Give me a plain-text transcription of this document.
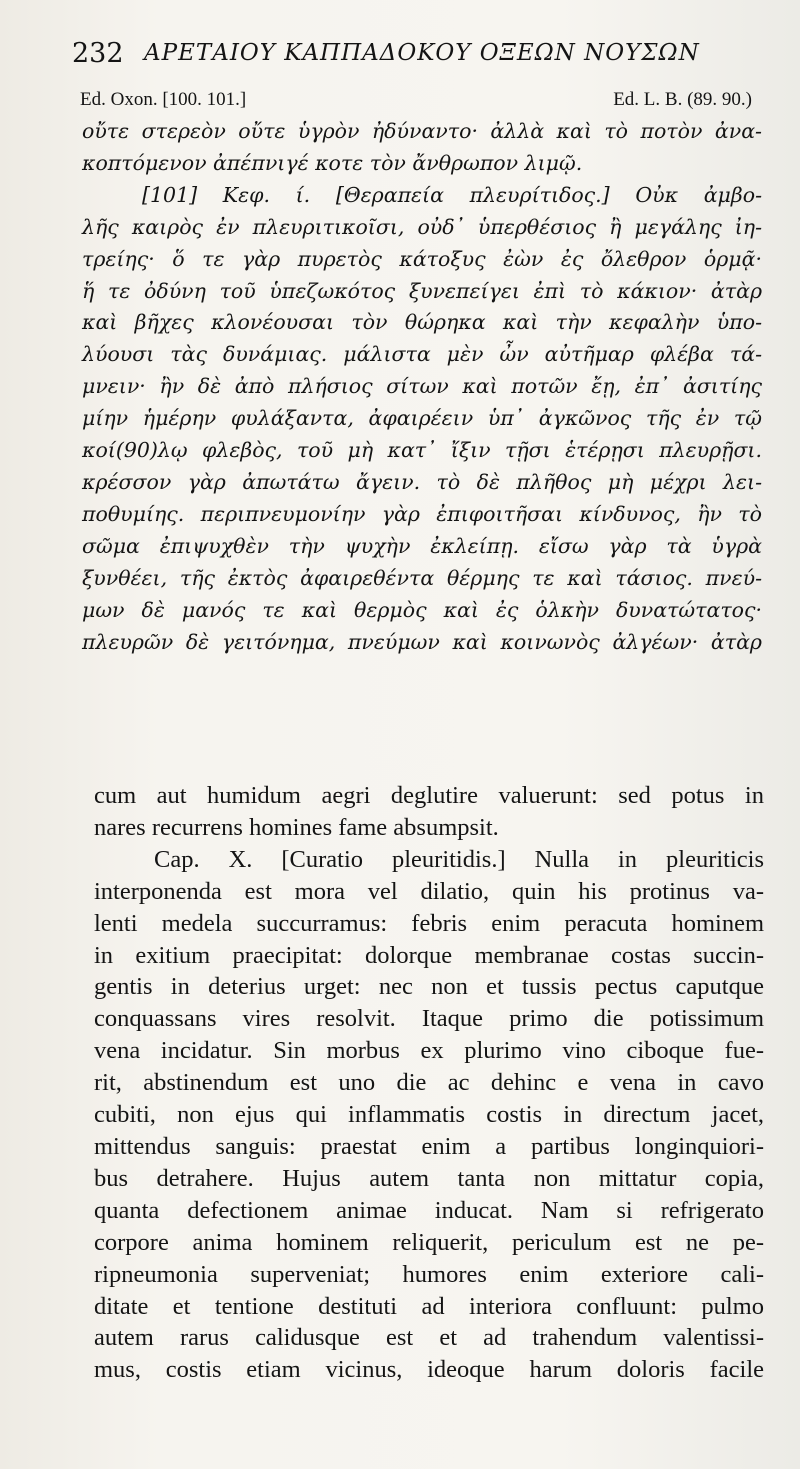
232 ΑΡΕΤΑΙΟΥ ΚΑΠΠΑΔΟΚΟΥ ΟΞΕΩΝ ΝΟΥΣΩΝ
Ed. Oxon. [100. 101.]	Ed. L. B. (89. 90.)
οὔτε στερεὸν οὔτε ὑγρὸν ἠδύναντο· ἀλλὰ καὶ τὸ ποτὸν ἀνα-
κοπτόμενον ἀπέπνιγέ κοτε τὸν ἄνθρωπον λιμῷ.
[101] Κεφ. ί. [Θεραπεία πλευρίτιδος.] Οὐκ ἀμβο-
λῆς καιρὸς ἐν πλευριτικοῖσι, οὐδ᾿ ὑπερθέσιος ἢ μεγάλης ἰη-
τρείης· ὅ τε γὰρ πυρετὸς κάτοξυς ἐὼν ἐς ὄλεθρον ὁρμᾷ·
ἥ τε ὀδύνη τοῦ ὑπεζωκότος ξυνεπείγει ἐπὶ τὸ κάκιον· ἀτὰρ
καὶ βῆχες κλονέουσαι τὸν θώρηκα καὶ τὴν κεφαλὴν ὑπο-
λύουσι τὰς δυνάμιας. μάλιστα μὲν ὦν αὐτῆμαρ φλέβα τά-
μνειν· ἢν δὲ ἀπὸ πλήσιος σίτων καὶ ποτῶν ἔῃ, ἐπ᾿ ἀσιτίης
μίην ἡμέρην φυλάξαντα, ἀφαιρέειν ὑπ᾿ ἀγκῶνος τῆς ἐν τῷ
κοί(90)λῳ φλεβὸς, τοῦ μὴ κατ᾿ ἴξιν τῇσι ἑτέρῃσι πλευρῇσι.
κρέσσον γὰρ ἀπωτάτω ἄγειν. τὸ δὲ πλῆθος μὴ μέχρι λει-
ποθυμίης. περιπνευμονίην γὰρ ἐπιφοιτῆσαι κίνδυνος, ἢν τὸ
σῶμα ἐπιψυχθὲν τὴν ψυχὴν ἐκλείπῃ. εἴσω γὰρ τὰ ὑγρὰ
ξυνθέει, τῆς ἐκτὸς ἀφαιρεθέντα θέρμης τε καὶ τάσιος. πνεύ-
μων δὲ μανός τε καὶ θερμὸς καὶ ἐς ὁλκὴν δυνατώτατος·
πλευρῶν δὲ γειτόνημα, πνεύμων καὶ κοινωνὸς ἀλγέων· ἀτὰρ
cum aut humidum aegri deglutire valuerunt: sed potus in
nares recurrens homines fame absumpsit.
Cap. X. [Curatio pleuritidis.] Nulla in pleuriticis
interponenda est mora vel dilatio, quin his protinus va-
lenti medela succurramus: febris enim peracuta hominem
in exitium praecipitat: dolorque membranae costas succin-
gentis in deterius urget: nec non et tussis pectus caputque
conquassans vires resolvit. Itaque primo die potissimum
vena incidatur. Sin morbus ex plurimo vino ciboque fue-
rit, abstinendum est uno die ac dehinc e vena in cavo
cubiti, non ejus qui inflammatis costis in directum jacet,
mittendus sanguis: praestat enim a partibus longinquiori-
bus detrahere. Hujus autem tanta non mittatur copia,
quanta defectionem animae inducat. Nam si refrigerato
corpore anima hominem reliquerit, periculum est ne pe-
ripneumonia superveniat; humores enim exteriore cali-
ditate et tentione destituti ad interiora confluunt: pulmo
autem rarus calidusque est et ad trahendum valentissi-
mus, costis etiam vicinus, ideoque harum doloris facile
